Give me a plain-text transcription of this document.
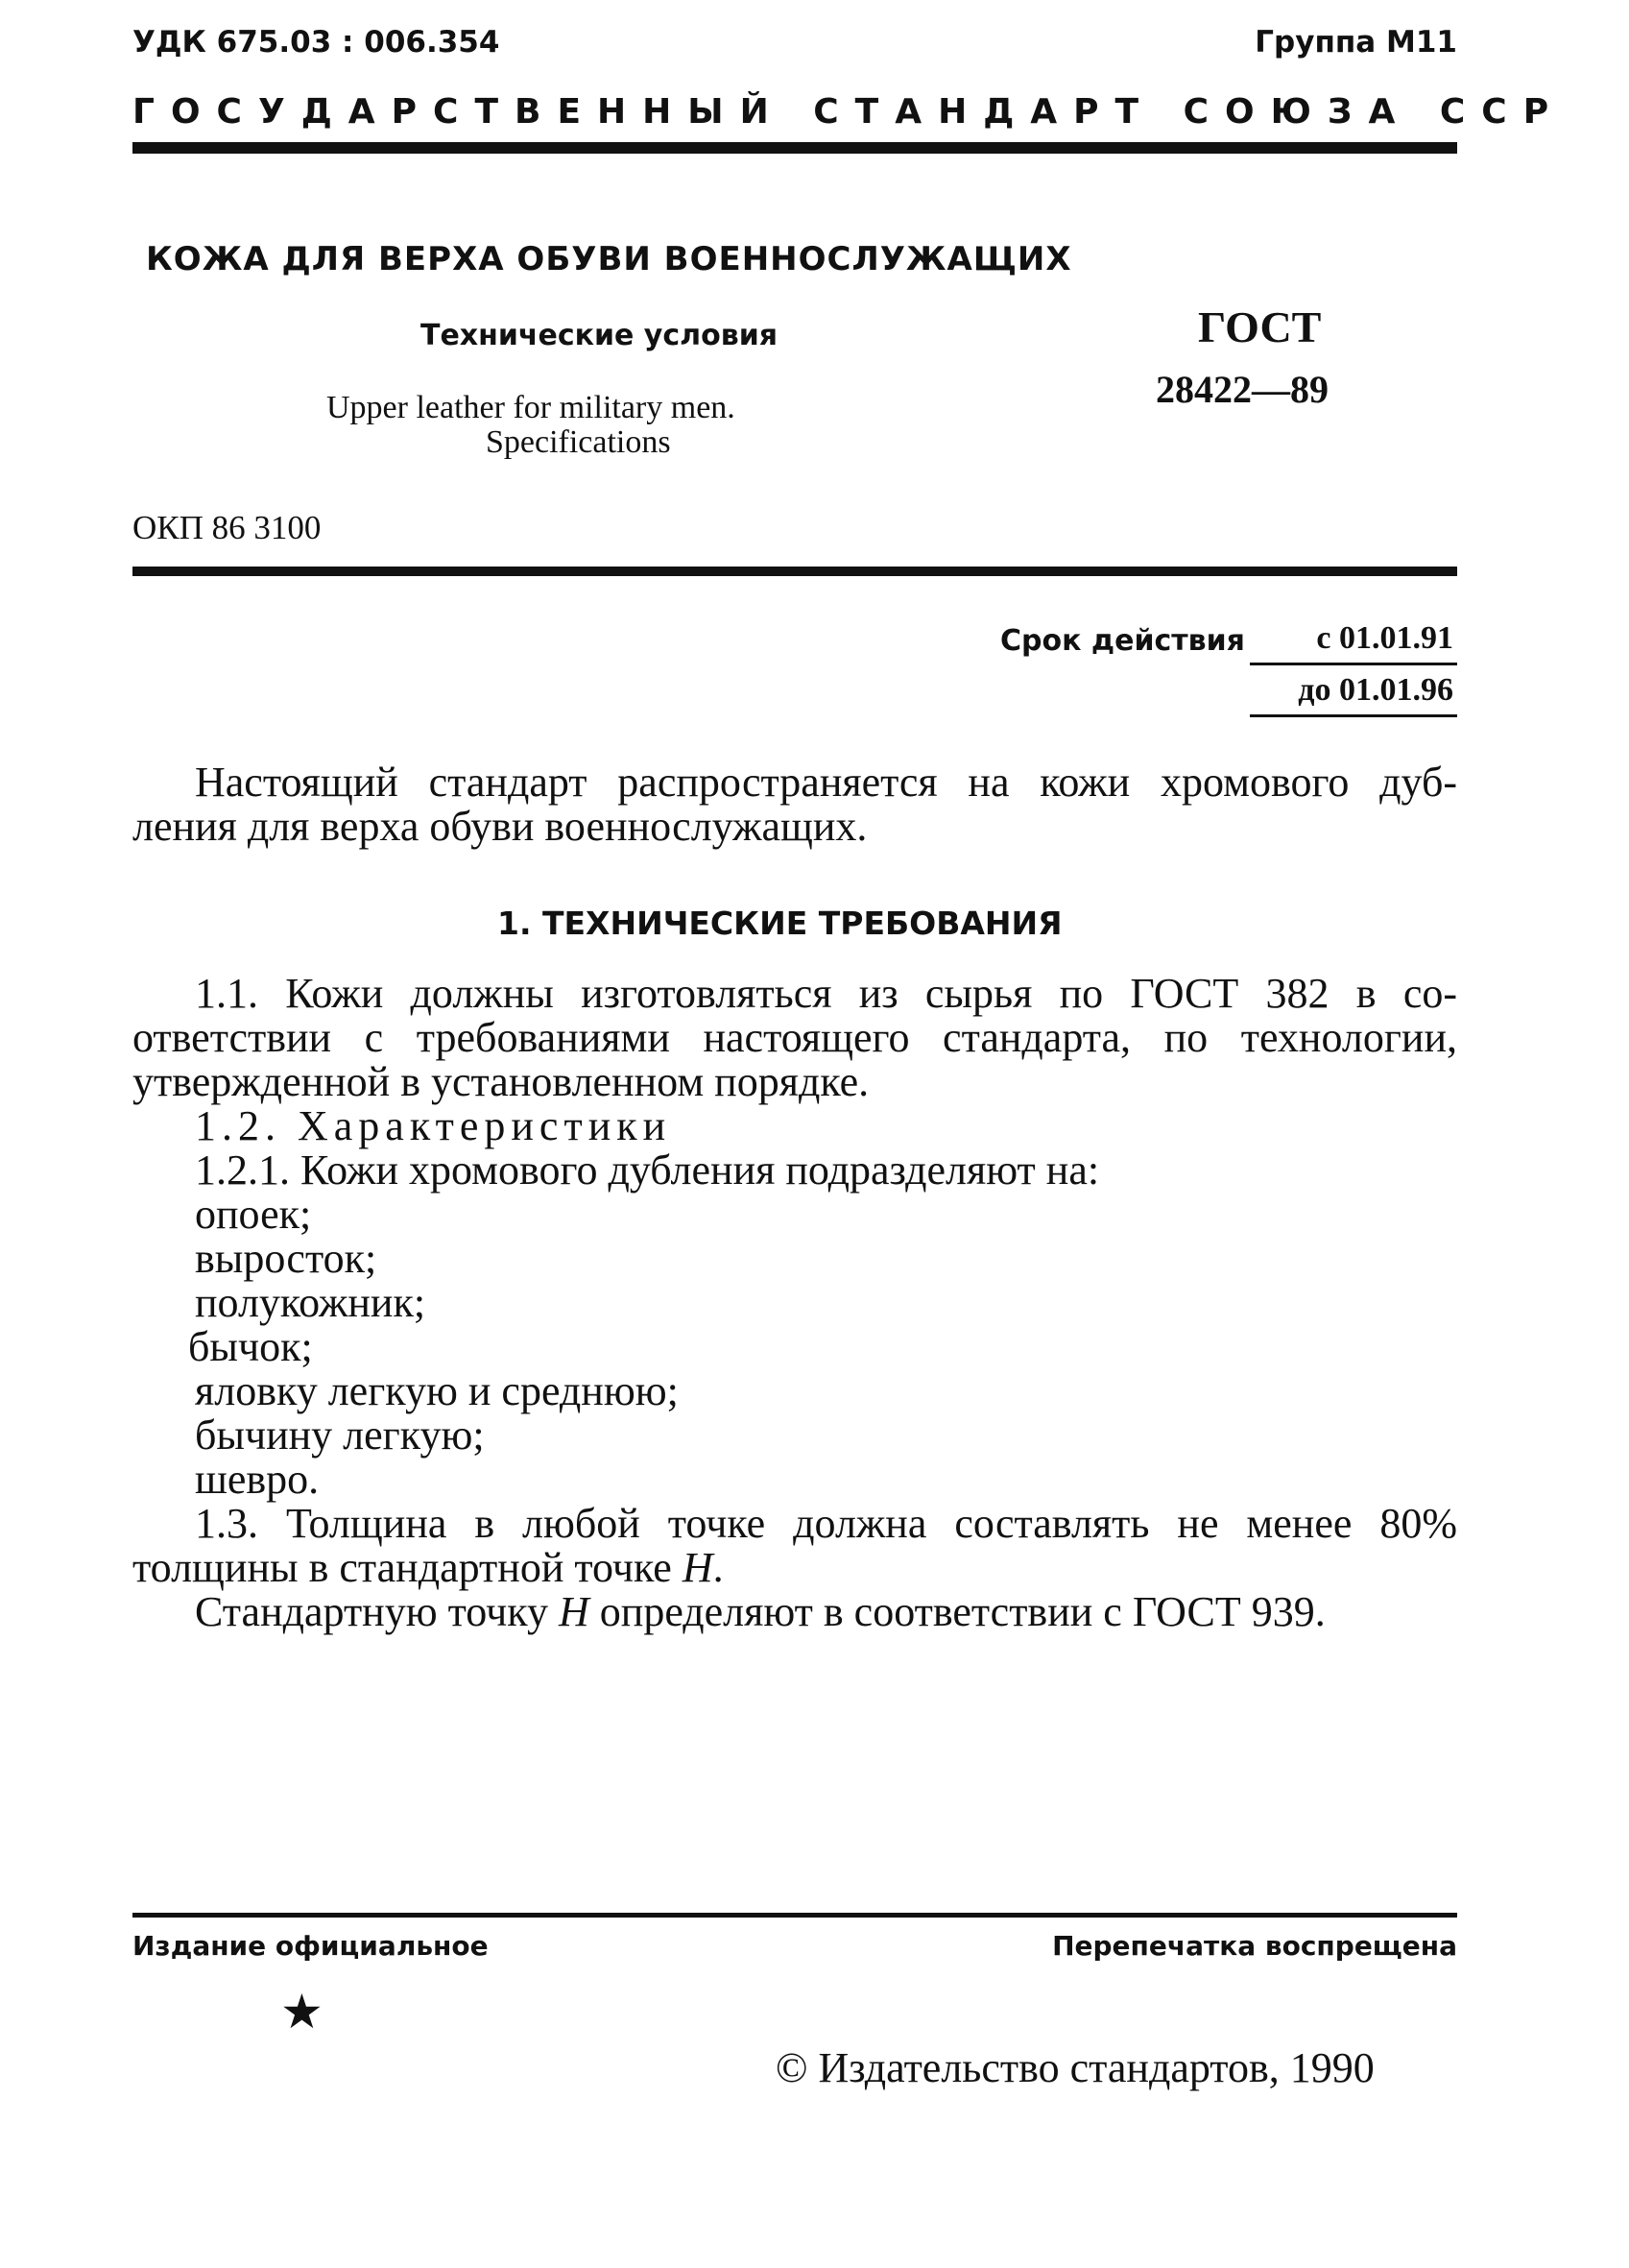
УДК 675.03 : 006.354	Группа М11
ГОСУДАРСТВЕННЫЙ СТАНДАРТ СОЮЗА ССР
КОЖА ДЛЯ ВЕРХА ОБУВИ ВОЕННОСЛУЖАЩИХ
Технические условия
Upper leather for military men.
Specifications
ГОСТ
28422—89
ОКП 86 3100
Срок действия с 01.01.91
до 01.01.96
Настоящий стандарт распространяется на кожи хромового дуб-
ления для верха обуви военнослужащих.
1. ТЕХНИЧЕСКИЕ ТРЕБОВАНИЯ
1.1. Кожи должны изготовляться из сырья по ГОСТ 382 в со-
ответствии с требованиями настоящего стандарта, по технологии,
утвержденной в установленном порядке.
1.2. Характеристики
1.2.1. Кожи хромового дубления подразделяют на:
опоек;
выросток;
полукожник;
бычок;
яловку легкую и среднюю;
бычину легкую;
шевро.
1.3. Толщина в любой точке должна составлять не менее 80%
толщины в стандартной точке Н.
Стандартную точку Н определяют в соответствии с ГОСТ 939.
Издание официальное	Перепечатка воспрещена
★
© Издательство стандартов, 1990
